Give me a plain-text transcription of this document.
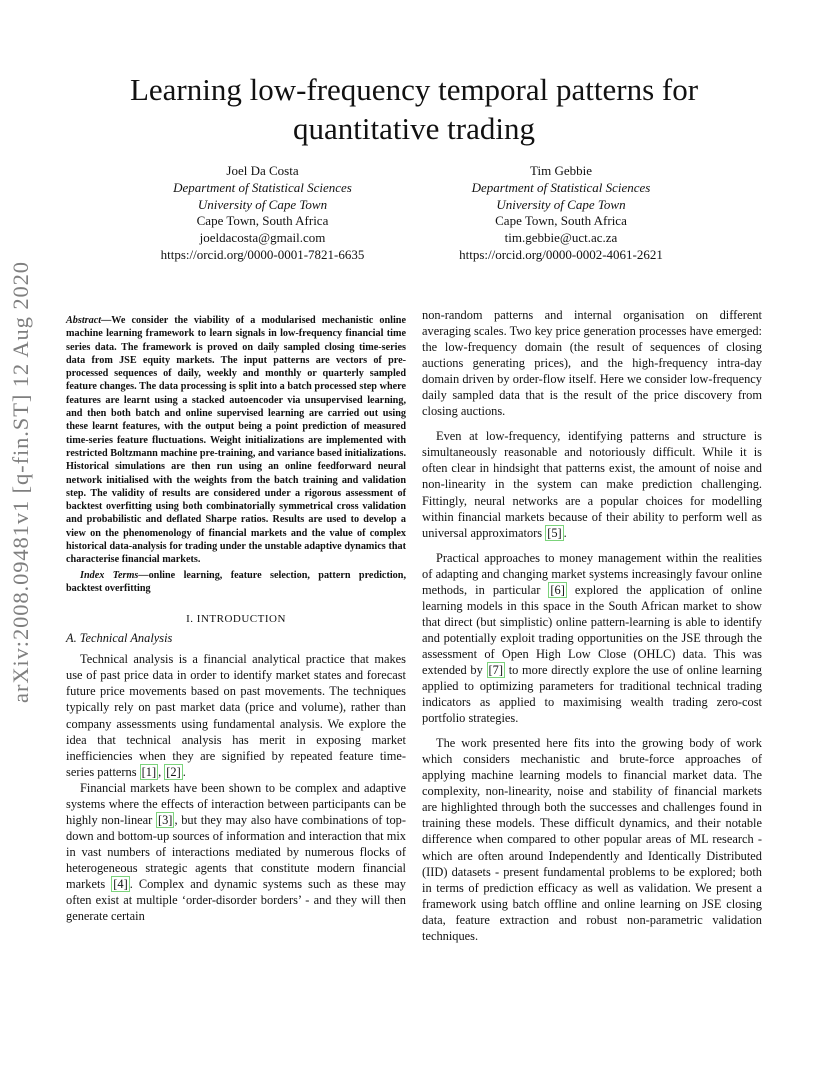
arXiv:2008.09481v1 [q-fin.ST] 12 Aug 2020
Learning low-frequency temporal patterns for quantitative trading
Joel Da Costa
Department of Statistical Sciences
University of Cape Town
Cape Town, South Africa
joeldacosta@gmail.com
https://orcid.org/0000-0001-7821-6635
Tim Gebbie
Department of Statistical Sciences
University of Cape Town
Cape Town, South Africa
tim.gebbie@uct.ac.za
https://orcid.org/0000-0002-4061-2621

Abstract—We consider the viability of a modularised mechanistic online machine learning framework to learn signals in low-frequency financial time series data. The framework is proved on daily sampled closing time-series data from JSE equity markets. The input patterns are vectors of pre-processed sequences of daily, weekly and monthly or quarterly sampled feature changes. The data processing is split into a batch processed step where features are learnt using a stacked autoencoder via unsupervised learning, and then both batch and online supervised learning are carried out using these learnt features, with the output being a point prediction of measured time-series feature fluctuations. Weight initializations are implemented with restricted Boltzmann machine pre-training, and variance based initializations. Historical simulations are then run using an online feedforward neural network initialised with the weights from the batch training and validation step. The validity of results are considered under a rigorous assessment of backtest overfitting using both combinatorially symmetrical cross validation and probabilistic and deflated Sharpe ratios. Results are used to develop a view on the phenomenology of financial markets and the value of complex historical data-analysis for trading under the unstable adaptive dynamics that characterise financial markets.

Index Terms—online learning, feature selection, pattern prediction, backtest overfitting

I. INTRODUCTION
A. Technical Analysis

Technical analysis is a financial analytical practice that makes use of past price data in order to identify market states and forecast future price movements based on past movements. The techniques typically rely on past market data (price and volume), rather than company assessments using fundamental analysis. We explore the idea that technical analysis has merit in exposing market inefficiencies when they are signified by repeated feature time-series patterns [1] , [2] .

Financial markets have been shown to be complex and adaptive systems where the effects of interaction between participants can be highly non-linear [3] , but they may also have combinations of top-down and bottom-up sources of information and interaction that mix in vast numbers of interactions mediated by numerous flocks of heterogeneous strategic agents that constitute modern financial markets [4] . Complex and dynamic systems such as these may often exist at multiple ‘order-disorder borders’ - and they will then generate certain

non-random patterns and internal organisation on different averaging scales. Two key price generation processes have emerged: the low-frequency domain (the result of sequences of closing auctions generating prices), and the high-frequency intra-day domain driven by order-flow itself. Here we consider low-frequency daily sampled data that is the result of the price discovery from closing auctions.

Even at low-frequency, identifying patterns and structure is simultaneously reasonable and notoriously difficult. While it is often clear in hindsight that patterns exist, the amount of noise and non-linearity in the system can make prediction challenging. Fittingly, neural networks are a popular choices for modelling within financial markets because of their ability to perform well as universal approximators [5] .

Practical approaches to money management within the realities of adapting and changing market systems increasingly favour online methods, in particular [6] explored the application of online learning models in this space in the South African market to show that direct (but simplistic) online pattern-learning is able to identify and potentially exploit trading opportunities on the JSE through the assessment of Open High Low Close (OHLC) data. This was extended by [7] to more directly explore the use of online learning applied to optimizing parameters for traditional technical trading indicators as applied to maximising wealth trading zero-cost portfolio strategies.

The work presented here fits into the growing body of work which considers mechanistic and brute-force approaches of applying machine learning models to financial market data. The complexity, non-linearity, noise and stability of financial markets are highlighted through both the successes and challenges found in training these models. These difficult dynamics, and their notable difference when compared to other popular areas of ML research - which are often around Independently and Identically Distributed (IID) datasets - present fundamental problems to be explored; both in terms of prediction efficacy as well as validation. We present a framework using batch offline and online learning on JSE closing data, feature extraction and robust non-parametric validation techniques.
